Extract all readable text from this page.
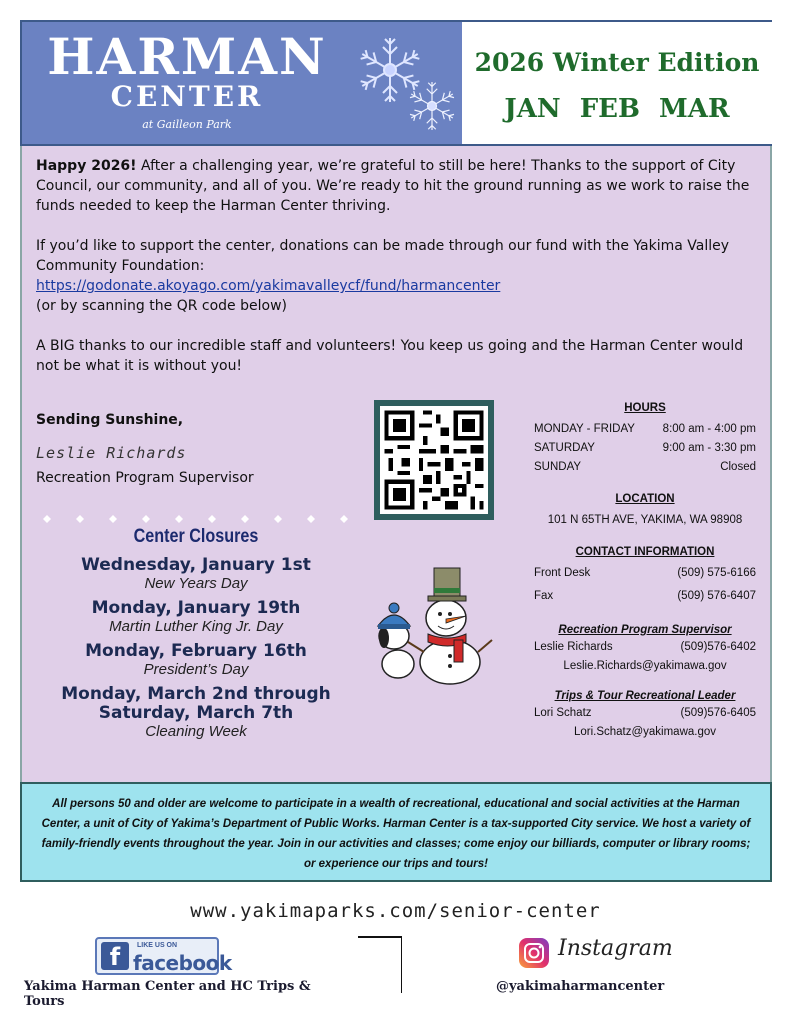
HARMAN
CENTER
at Gailleon Park
2026 Winter Edition
JAN FEB MAR

Happy 2026! After a challenging year, we’re grateful to still be here! Thanks to the support of City Council, our community, and all of you. We’re ready to hit the ground running as we work to raise the funds needed to keep the Harman Center thriving.

If you’d like to support the center, donations can be made through our fund with the Yakima Valley Community Foundation:
https://godonate.akoyago.com/yakimavalleycf/fund/harmancenter
(or by scanning the QR code below)

A BIG thanks to our incredible staff and volunteers! You keep us going and the Harman Center would not be what it is without you!

Sending Sunshine,
Leslie Richards
Recreation Program Supervisor
Center Closures
Wednesday, January 1st
New Years Day
Monday, January 19th
Martin Luther King Jr. Day
Monday, February 16th
President’s Day
Monday, March 2nd through Saturday, March 7th
Cleaning Week
HOURS
MONDAY - FRIDAY 8:00 am - 4:00 pm
SATURDAY	9:00 am - 3:30 pm
SUNDAY	Closed
LOCATION
101 N 65TH AVE, YAKIMA, WA 98908
CONTACT INFORMATION
Front Desk	(509) 575-6166
Fax	(509) 576-6407
Recreation Program Supervisor
Leslie Richards	(509)576-6402
Leslie.Richards@yakimawa.gov
Trips & Tour Recreational Leader
Lori Schatz	(509)576-6405
Lori.Schatz@yakimawa.gov
All persons 50 and older are welcome to participate in a wealth of recreational, educational and social activities at the Harman Center, a unit of City of Yakima’s Department of Public Works. Harman Center is a tax-supported City service. We host a variety of family-friendly events throughout the year. Join in our activities and classes; come enjoy our billiards, computer or library rooms; or experience our trips and tours!
www.yakimaparks.com/senior-center
f	LIKE US ON
facebook
Yakima Harman Center and HC Trips & Tours
Instagram
@yakimaharmancenter
